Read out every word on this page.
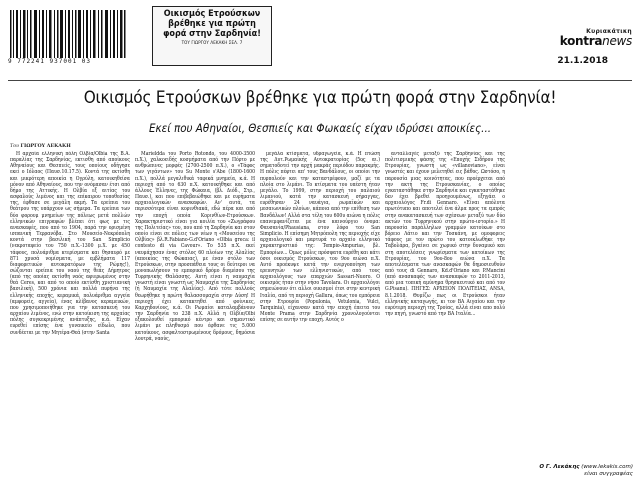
9 772241 937001 03
Οικισμός Ετρούσκων
βρέθηκε για πρώτη
φορά στην Σαρδηνία!
ΤΟΥ ΓΙΩΡΓΟΥ ΛΕΚΑΚΗ ΣΕΛ. 7
Κυριακάτικη
kontranews
21.1.2018
Οικισμός Ετρούσκων βρέθηκε για πρώτη φορά στην Σαρδηνία!
Εκεί που Αθηναίοι, Θεσπιείς και Φωκαείς είχαν ιδρύσει αποικίες...
Του ΓΙΩΡΓΟΥ ΛΕΚΑΚΗ

Η αρχαία ελληνική πόλη Ολβία/Olbia της Β.Α. παραλίας της Σαρδηνίας, εκτισθη από αποίκους Αθηναίους και Θεσπιείς, τους οποίους οδήγησε εκεί ο Ιόλαος (Παυσ.10.17.5). Κοντά της εκτίσθη και μικρότερη αποικία η Ογρύλη, κατοικηθείσα μόνον από Αθηναίους, που την ονόμασαν έτσι από δήμο της Αττικής. Η Ολβία εξ αιτίας του ασφαλούς λιμένος και της επίκαιρου τοποθεσίας της, έφθασε σε μεγάλη ακμή. Τα ερείπια του θεάτρου της υπάρχουν ως σήμερα. Τα ερείπια των δύο φορουμ μνημείων της πόλεως μετά πολλών ελληνικών επιγραφών βλέπει ότι φως με τις ανασκαφές, που από το 1904, παρά την ορισμένη ισπανική Τερρανόβα. Στο Μουσείο-Νεκρόπολη κοντά στην βασιλική του San Simplicio (νεκροταφείο του 750 π.Χ.-1300 μ.Χ. με 450 τάφους, πολυάριθμα κτερίσματα και θησαυρό με 871 χρυσά νομίσματα, με εμβλήματα 117 διαφορετικών αυτοκρατόρων της Ρώμης!), σώζονται ερείπια του ναού της θεάς Δήμητρος (από της οποίας εκτίσθη ναός αφιερωμένος στην θεά Ceres, και από το οποίο εκτίσθη χριστιανική βασιλική), 500 χρόνια και πολλά πυρήνα της ελληνικής εποχής, κεραμικά, πολυάριθμα αγγεία (αμφορείς, αγγεία), ένας κλίβανος κεραμεικών, που χρησιμοποιήθηκε για την κατασκευή του αρχαίου λιμένος, ενώ στην κατοίκιση της αρχαίας πόλης συγκεκριμένης ανάπτυξης, κ.ά. Είχαν ευρεθεί επίσης ένα γυναικείο είδωλο, που συνδέεται με την Μητέρα-Θεά (στην Santa

Marieldda του Porto Rotondo, του 4000-3500 π.Χ.), χαλκοειδής κοσμήματα από την Πόρτο με ανθρώπινες μορφές (2700-2500 π.Χ.), ο «Τάφος των γιγάντων» του Su Monte s'Abe (1800-1600 π.Χ.), πολλά μεγαλιθικά ταφικά μνημεία, κ.ά. Η περιοχή από το 630 π.Χ. κατοικήθηκε και από άλλους Έλληνες, της Φώκαια, (βλ. Διόδ., Στρ., Παυσ.), και που επιβεβαιώθηκε και με ευρήματα αρχαιολογικών ανασκαφών. Αν' αυτά, τα περισσότερα είναι κορινθιακά, εδώ πέρα και από την εποχή οποία Κορινθίων-Ετρούσκων. Χαρακτηριστικό είναι για κοιλία του «Ζωγράφου της Πολιτείας» του, που από τη Σαρδηνία και στον οποίο είναι σε πόλεις των νέων η «Μουσείου της Ολβίας» βλ.R.Fabiano-G.d'Oriano «Olbia greca: il contesto di via Cavour». Το 535 π.Χ. εκεί ναυμάχησαν ένας στόλος 60 πλοίων της Αλαλίας (αποικίας της Φώκαιας), με έναν στόλο των Ετρούσκων, στην προσπάθεια τους οι δεύτεροι να μονοπωλήσουν το εμπορικό δρόμο διαμέσου της Τυρρηνικής Θαλάσσης. Αυτή είναι η ναυμαχία γνωστή είναι γνωστή ως Ναυμαχία της Σαρδηνίας (ή Ναυμαχία της Αλαλίας). Από τότε πολλούς θεωρήθηκε η πρώτη θαλασσομαχία στην Δύση! Η περιοχή έχει κατακτηθεί από φοίνικες, Καρχηδονίους, κ.ά. Οι Ρωμαίοι καταλαμβάνουν την Σαρδηνία το 238 π.Χ. Αλλά η Ολβία/Olbi εξακολουθεί εμπορικό κέντρο και σημαντικό λιμάνι με πληθυσμό που έφθανε τις 5.000 κατοίκους, ασφαλτοστρωμένους δρόμους, δημόσια λουτρά, ναούς,

μεγάλα κτίσματα, υδραγωγεία, κ.ά. Η πτώση της Δυτ.Ρωμαϊκής Αυτοκρατορίας (5ος αι.) σηματοδοτεί την αρχή μακράς περιόδου παρακμής. Η πόλις πέφτει απ' τους Βανδάλους, οι οποίοι την πυρπολούν και την καταστρέφουν, μαζί με τα πλοία στο λιμάνι. Το κτίσματα του υπέστη ήταν μεγάλο. Το 1999, στην περιοχή του παλαιού λιμανιού, κατά την κατασκευή σήραγγας, ευρέθησαν 24 ναυάγια, ρωμαϊκών και μεσαιωνικών πλοίων, κάποια από την επίθεση των Βανδάλων! Αλλά στα τέλη του 600υ αιώνα η πόλις επανεμφανίζεται με ένα καινούργιο όνομα: Φαυσανία/Phausiana, στον λόφο του San Simplicio. Η επίσημη Μητρόπολη της περιοχής είχε αρχαιολογικό και μαρτυρά το αρχαίο ελληνικό χαρακτηριστικό της: Tempio-Ampurias, βλ. Εμπορίων... Όμως μόλις πρόσφατα ευρέθη και κάτι όσοι οικισμός Ετρούσκων, του 9ου αιώνα π.Χ. Αυτό προέκυψε κατά την ενεργοποίηση των ερευνητών των ελληνιστικών, από τους αρχαιολόγους των επαρχιών Sassari-Nuoro. Ο οικισμός ήταν στην νήσο Tavolara. Οι αρχαιολόγοι σημειώνουν ότι αλλοι οικισμοί έτσι στην κεντρική Ιταλία, από τη περιοχή Gallura, όπως του εμπόρεια στην Ετρουρία (Populonia, Vetulonia, Vulci, Tarquinia), είχανσαν κατά την εποχή έπειτα του Monte Prama στην Σαρδηνία χρονολογούνται επίσης σε αυτήν την εποχή. Αυτός ο

ανταλλαγές μεταξύ της Σαρδηνίας και της πολιτισμικής φάσης της «Εποχής Σιδήρου της Ετρουρίας, γνωστή ως «villanoviano», είναι γνωστές και έχουν μελετηθεί εις βάθος. Ωστόσο, η παρουσία μιας κοινότητας, που προέρχεται από την ακτή της Ετρουσκανίας, ο οποίος εγκαταστάθηκε στην Σαρδηνία και εγκαταστάθηκε δεν έχει βρεθεί προηγουμένως, εξηγάει ο αρχαιολόγος Fr.di Gennaro. «Είναι απόλυτα πρωτότυπο και αποτελεί ένα άλμα προς τα εμπρός στην ανακατασκευή των σχέσεων μεταξύ των δύο ακτών του Τυρρηνικού στην πρώτο-ιστορίο.» Η παρουσία παράλληλων γραμμών κατοίκων στο βόρειο Λάτιο και την Τοσκάνη, με ομοφορεις τάφους με τον πρώτο του κατοικλωθήκε την Ταβολάρα, βγαίνει σε χωρικό στην δυναμικό και στη αποτελέσεις γνωρίσματα των κατοίκων της Ετρουρίας, του 9ου-8ου αιώνα π.Χ. Τα αποτελέσματα των ανασκαφών θα δημοσιευθούν από τους di Gennaro, Kd.d'Oriano και P.Mancini (από ανασκαφές των ανασκαφών το 2011-2013, από μια τοπική αμύνημα θρησκευτικό και από τον G.Pisanu). ΠΗΓΕΣ: ΑΡΧΕΙΟΝ ΠΟΛΙΤΕΙΑΣ, ANSA, 8.1.2018. Θυμίζω πως οι Ετρούσκοι ήταν ελληνικής καταγωγής, κι τον ΒΑ Αιγαίου και την ευρύτερη περιοχή της Τροίας, αλλά είναι απο πολύ την πηγή, γνωστό από την ΒΑ Ιταλία...

Ο Γ. Λεκάκης (www.lekakis.com)
είναι συγγραφέας
